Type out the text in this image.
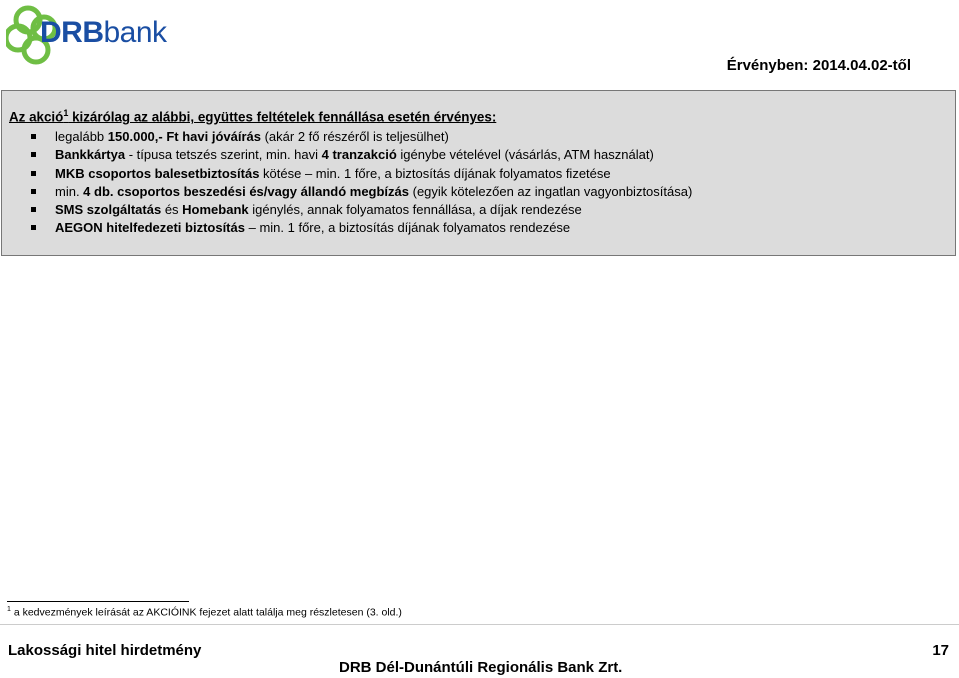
DRBbank
Érvényben: 2014.04.02-től
Az akció$^1$ kizárólag az alábbi, együttes feltételek fennállása esetén érvényes:
legalább 150.000,- Ft havi jóváírás (akár 2 fő részéről is teljesülhet)
Bankkártya - típusa tetszés szerint, min. havi 4 tranzakció igénybe vételével (vásárlás, ATM használat)
MKB csoportos balesetbiztosítás kötése – min. 1 főre, a biztosítás díjának folyamatos fizetése
min. 4 db. csoportos beszedési és/vagy állandó megbízás (egyik kötelezően az ingatlan vagyonbiztosítása)
SMS szolgáltatás és Homebank igénylés, annak folyamatos fennállása, a díjak rendezése
AEGON hitelfedezeti biztosítás – min. 1 főre, a biztosítás díjának folyamatos rendezése
$^1$ a kedvezmények leírását az AKCIÓINK fejezet alatt találja meg részletesen (3. old.)
Lakossági hitel hirdetmény	17
DRB Dél-Dunántúli Regionális Bank Zrt.
